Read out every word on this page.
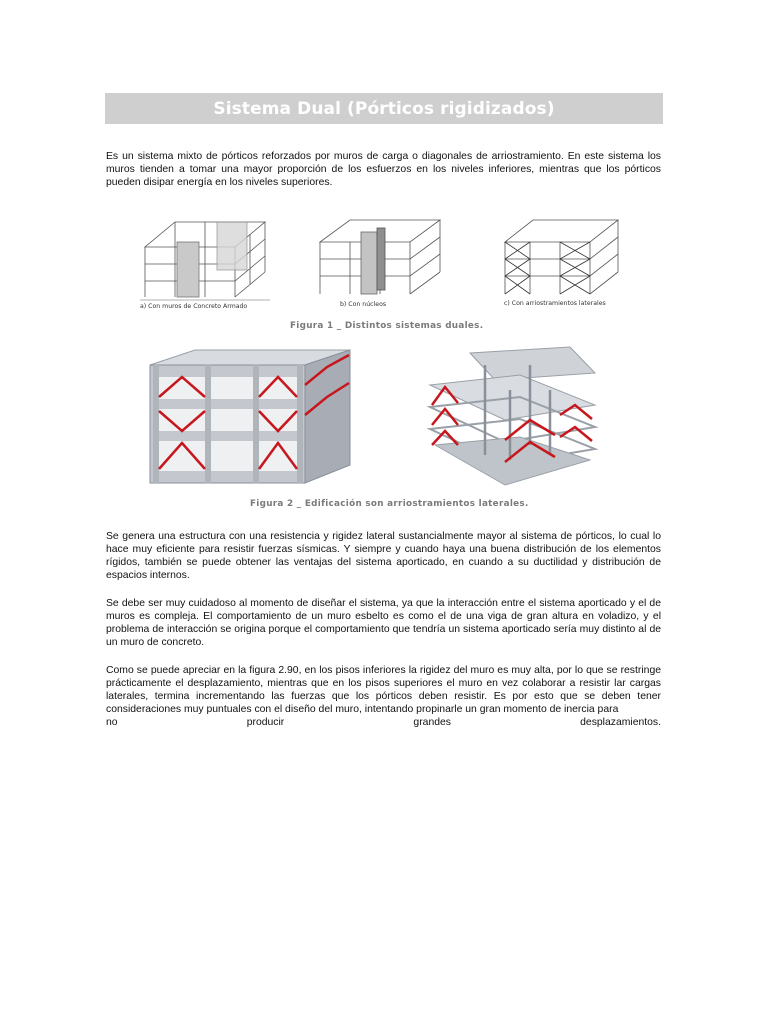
Sistema Dual (Pórticos rigidizados)

Es un sistema mixto de pórticos reforzados por muros de carga o diagonales de arriostramiento. En este sistema los muros tienden a tomar una mayor proporción de los esfuerzos en los niveles inferiores, mientras que los pórticos pueden disipar energía en los niveles superiores.

a) Con muros de Concreto Armado	b) Con núcleos	c) Con arriostramientos laterales
Figura 1 _ Distintos sistemas duales.
Figura 2 _ Edificación son arriostramientos laterales.

Se genera una estructura con una resistencia y rigidez lateral sustancialmente mayor al sistema de pórticos, lo cual lo hace muy eficiente para resistir fuerzas sísmicas. Y siempre y cuando haya una buena distribución de los elementos rígidos, también se puede obtener las ventajas del sistema aporticado, en cuando a su ductilidad y distribución de espacios internos.

Se debe ser muy cuidadoso al momento de diseñar el sistema, ya que la interacción entre el sistema aporticado y el de muros es compleja. El comportamiento de un muro esbelto es como el de una viga de gran altura en voladizo, y el problema de interacción se origina porque el comportamiento que tendría un sistema aporticado sería muy distinto al de un muro de concreto.

Como se puede apreciar en la figura 2.90, en los pisos inferiores la rigidez del muro es muy alta, por lo que se restringe prácticamente el desplazamiento, mientras que en los pisos superiores el muro en vez colaborar a resistir lar cargas laterales, termina incrementando las fuerzas que los pórticos deben resistir. Es por esto que se deben tener consideraciones muy puntuales con el diseño del muro, intentando propinarle un gran momento de inercia para
no producir grandes desplazamientos.
